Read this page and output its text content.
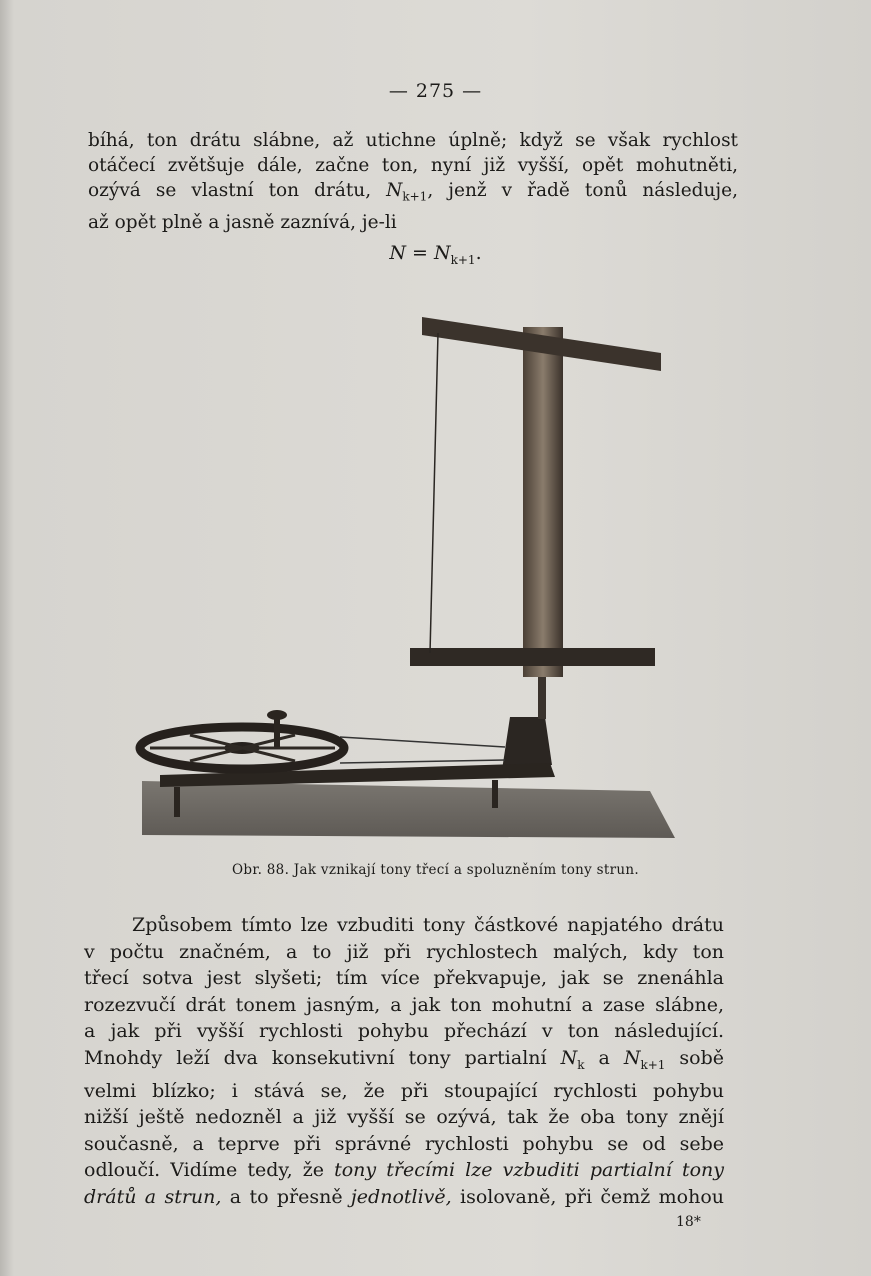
— 275 —
bíhá, ton drátu slábne, až utichne úplně; když se však rychlost
otáčecí zvětšuje dále, začne ton, nyní již vyšší, opět mohutněti,
ozývá se vlastní ton drátu, $N_{k+1}$, jenž v řadě tonů následuje,
až opět plně a jasně zaznívá, je-li
$N = N_{k+1}$.
Obr. 88. Jak vznikají tony třecí a spoluzněním tony strun.
Způsobem tímto lze vzbuditi tony částkové napjatého drátu
v počtu značném, a to již při rychlostech malých, kdy ton
třecí sotva jest slyšeti; tím více překvapuje, jak se znenáhla
rozezvučí drát tonem jasným, a jak ton mohutní a zase slábne,
a jak při vyšší rychlosti pohybu přechází v ton následující.
Mnohdy leží dva konsekutivní tony partialní $N_k$ a $N_{k+1}$ sobě
velmi blízko; i stává se, že při stoupající rychlosti pohybu
nižší ještě nedozněl a již vyšší se ozývá, tak že oba tony znějí
současně, a teprve při správné rychlosti pohybu se od sebe
odloučí. Vidíme tedy, že tony třecími lze vzbuditi partialní tony
drátů a strun, a to přesně jednotlivě, isolovaně, při čemž mohou
18*
